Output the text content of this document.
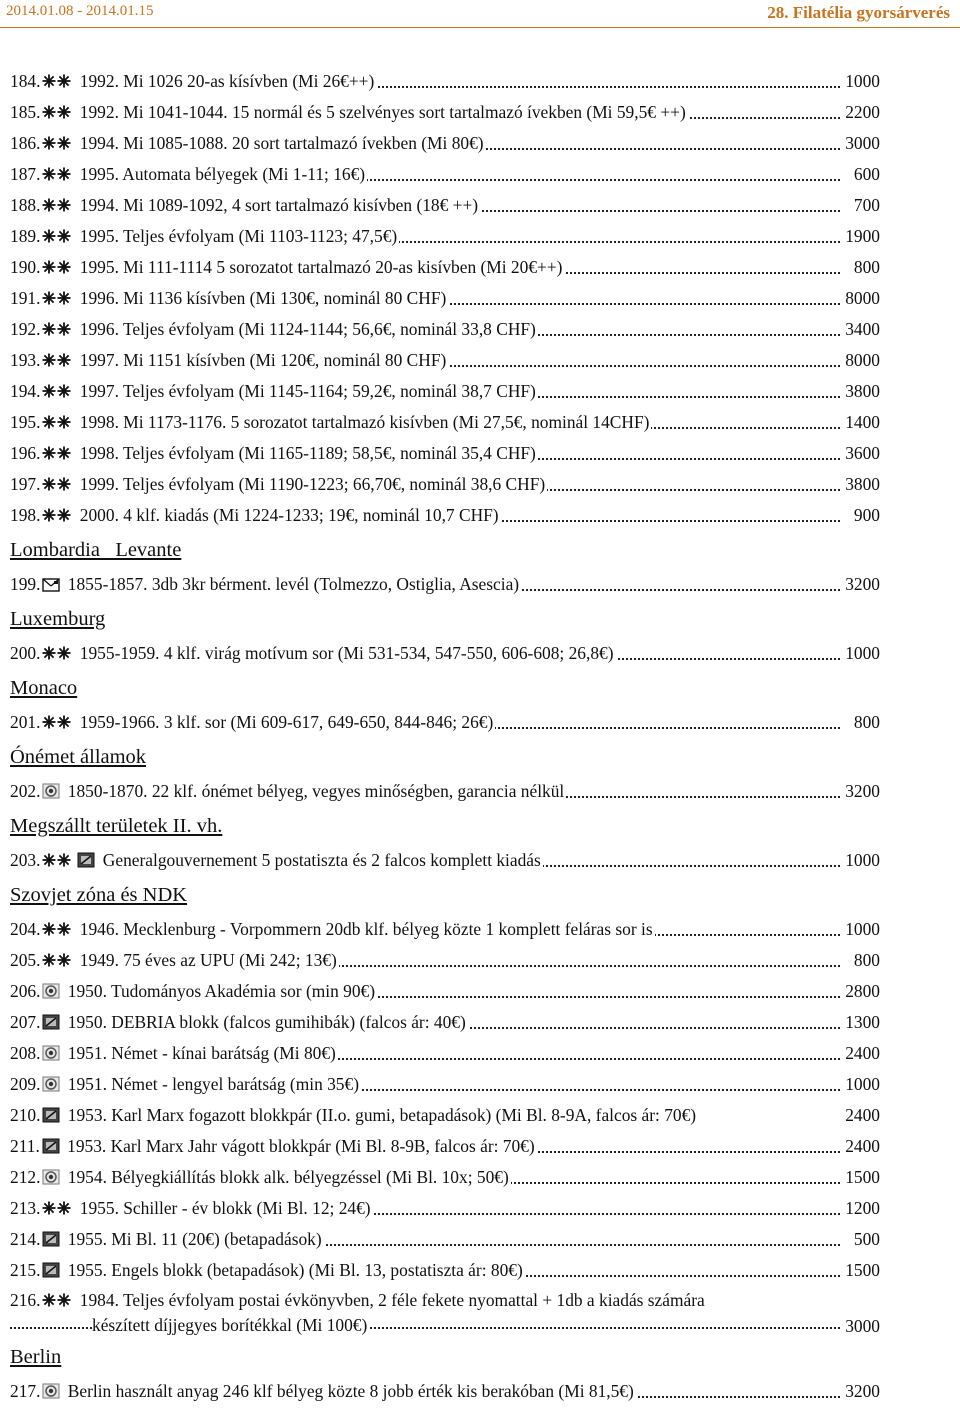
2014.01.08 - 2014.01.15	28. Filatélia gyorsárverés
184. 1992. Mi 1026 20-as kísívben (Mi 26€++)	1000
185. 1992. Mi 1041-1044. 15 normál és 5 szelvényes sort tartalmazó ívekben (Mi 59,5€ ++)	2200
186. 1994. Mi 1085-1088. 20 sort tartalmazó ívekben (Mi 80€)	3000
187. 1995. Automata bélyegek (Mi 1-11; 16€)	600
188. 1994. Mi 1089-1092, 4 sort tartalmazó kisívben (18€ ++)	700
189. 1995. Teljes évfolyam (Mi 1103-1123; 47,5€)	1900
190. 1995. Mi 111-1114 5 sorozatot tartalmazó 20-as kisívben (Mi 20€++)	800
191. 1996. Mi 1136 kísívben (Mi 130€, nominál 80 CHF)	8000
192. 1996. Teljes évfolyam (Mi 1124-1144; 56,6€, nominál 33,8 CHF)	3400
193. 1997. Mi 1151 kísívben (Mi 120€, nominál 80 CHF)	8000
194. 1997. Teljes évfolyam (Mi 1145-1164; 59,2€, nominál 38,7 CHF)	3800
195. 1998. Mi 1173-1176. 5 sorozatot tartalmazó kisívben (Mi 27,5€, nominál 14CHF)	1400
196. 1998. Teljes évfolyam (Mi 1165-1189; 58,5€, nominál 35,4 CHF)	3600
197. 1999. Teljes évfolyam (Mi 1190-1223; 66,70€, nominál 38,6 CHF)	3800
198. 2000. 4 klf. kiadás (Mi 1224-1233; 19€, nominál 10,7 CHF)	900
Lombardia   Levante
199. 1855-1857. 3db 3kr bérment. levél (Tolmezzo, Ostiglia, Asescia)	3200
Luxemburg
200. 1955-1959. 4 klf. virág motívum sor (Mi 531-534, 547-550, 606-608; 26,8€)	1000
Monaco
201. 1959-1966. 3 klf. sor (Mi 609-617, 649-650, 844-846; 26€)	800
Ónémet államok
202. 1850-1870. 22 klf. ónémet bélyeg, vegyes minőségben, garancia nélkül	3200
Megszállt területek II. vh.
203.	Generalgouvernement 5 postatiszta és 2 falcos komplett kiadás	1000
Szovjet zóna és NDK
204. 1946. Mecklenburg - Vorpommern 20db klf. bélyeg közte 1 komplett feláras sor is	1000
205. 1949. 75 éves az UPU (Mi 242; 13€)	800
206. 1950. Tudományos Akadémia sor (min 90€)	2800
207. 1950. DEBRIA blokk (falcos gumihibák) (falcos ár: 40€)	1300
208. 1951. Német - kínai barátság (Mi 80€)	2400
209. 1951. Német - lengyel barátság (min 35€)	1000
210. 1953. Karl Marx fogazott blokkpár (II.o. gumi, betapadások) (Mi Bl. 8-9A, falcos ár: 70€)	2400
211. 1953. Karl Marx Jahr vágott blokkpár (Mi Bl. 8-9B, falcos ár: 70€)	2400
212. 1954. Bélyegkiállítás blokk alk. bélyegzéssel (Mi Bl. 10x; 50€)	1500
213. 1955. Schiller - év blokk (Mi Bl. 12; 24€)	1200
214. 1955. Mi Bl. 11 (20€) (betapadások)	500
215. 1955. Engels blokk (betapadások) (Mi Bl. 13, postatiszta ár: 80€)	1500
216. 1984. Teljes évfolyam postai évkönyvben, 2 féle fekete nyomattal + 1db a kiadás számára
készített díjjegyes borítékkal (Mi 100€)	3000
Berlin
217. Berlin használt anyag 246 klf bélyeg közte 8 jobb érték kis berakóban (Mi 81,5€)	3200
